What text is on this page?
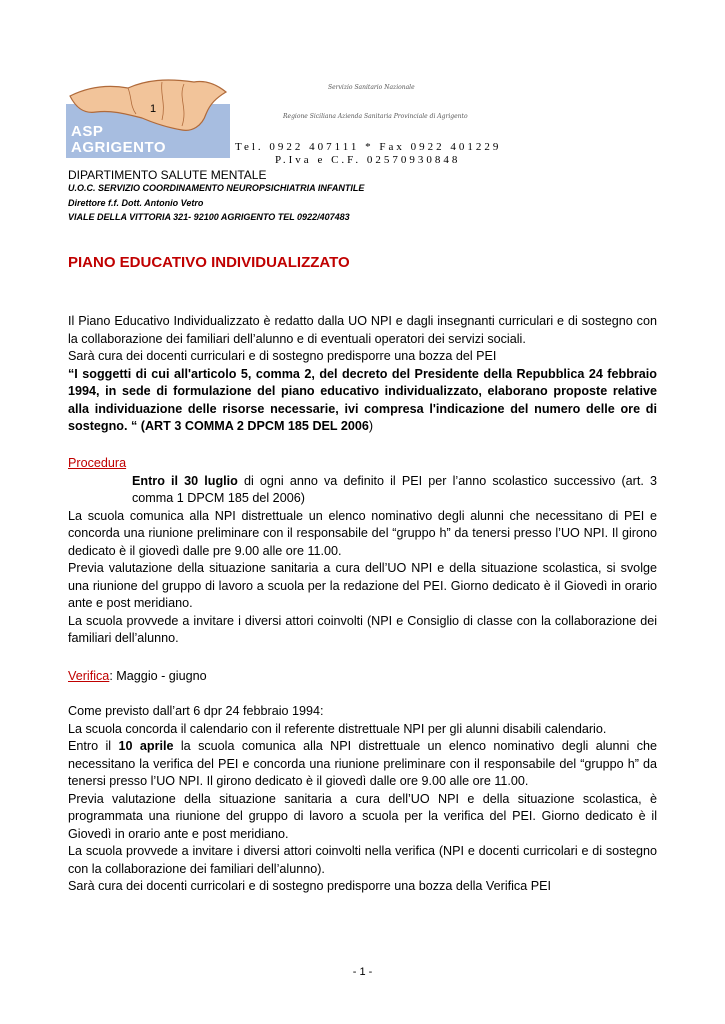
1
ASP
AGRIGENTO
Servizio Sanitario Nazionale
Regione Siciliana Azienda Sanitaria Provinciale di Agrigento
Tel. 0922 407111 * Fax 0922 401229
P.Iva e C.F. 02570930848
DIPARTIMENTO SALUTE MENTALE
U.O.C. SERVIZIO COORDINAMENTO NEUROPSICHIATRIA INFANTILE
Direttore f.f. Dott. Antonio Vetro
VIALE DELLA VITTORIA 321- 92100 AGRIGENTO TEL 0922/407483
PIANO EDUCATIVO INDIVIDUALIZZATO

Il Piano Educativo Individualizzato è redatto dalla UO NPI e dagli insegnanti curriculari e di sostegno con la collaborazione dei familiari dell’alunno e di eventuali operatori dei servizi sociali.

Sarà cura dei docenti curriculari e di sostegno predisporre una bozza del PEI

“I soggetti di cui all'articolo 5, comma 2, del decreto del Presidente della Repubblica 24 febbraio 1994, in sede di formulazione del piano educativo individualizzato, elaborano proposte relative alla individuazione delle risorse necessarie, ivi compresa l'indicazione del numero delle ore di sostegno. “ (ART 3 COMMA 2 DPCM 185 DEL 2006)

Procedura

Entro il 30 luglio di ogni anno va definito il PEI per l’anno scolastico successivo (art. 3 comma 1 DPCM 185 del 2006)

La scuola comunica alla NPI distrettuale un elenco nominativo degli alunni che necessitano di PEI e concorda una riunione preliminare con il responsabile del “gruppo h” da tenersi presso l’UO NPI. Il girono dedicato è il giovedì dalle pre 9.00 alle ore 11.00.

Previa valutazione della situazione sanitaria a cura dell’UO NPI e della situazione scolastica, si svolge una riunione del gruppo di lavoro a scuola per la redazione del PEI. Giorno dedicato è il Giovedì in orario ante e post meridiano.

La scuola provvede a invitare i diversi attori coinvolti (NPI e Consiglio di classe con la collaborazione dei familiari dell’alunno.

Verifica: Maggio - giugno

Come previsto dall’art 6 dpr 24 febbraio 1994:

La scuola concorda il calendario con il referente distrettuale NPI per gli alunni disabili calendario.

Entro il 10 aprile la scuola comunica alla NPI distrettuale un elenco nominativo degli alunni che necessitano la verifica del PEI e concorda una riunione preliminare con il responsabile del “gruppo h” da tenersi presso l’UO NPI. Il girono dedicato è il giovedì dalle ore 9.00 alle ore 11.00.

Previa valutazione della situazione sanitaria a cura dell’UO NPI e della situazione scolastica, è programmata una riunione del gruppo di lavoro a scuola per la verifica del PEI. Giorno dedicato è il Giovedì in orario ante e post meridiano.

La scuola provvede a invitare i diversi attori coinvolti nella verifica (NPI e docenti curricolari e di sostegno con la collaborazione dei familiari dell’alunno).

Sarà cura dei docenti curricolari e di sostegno predisporre una bozza della Verifica PEI

- 1 -
